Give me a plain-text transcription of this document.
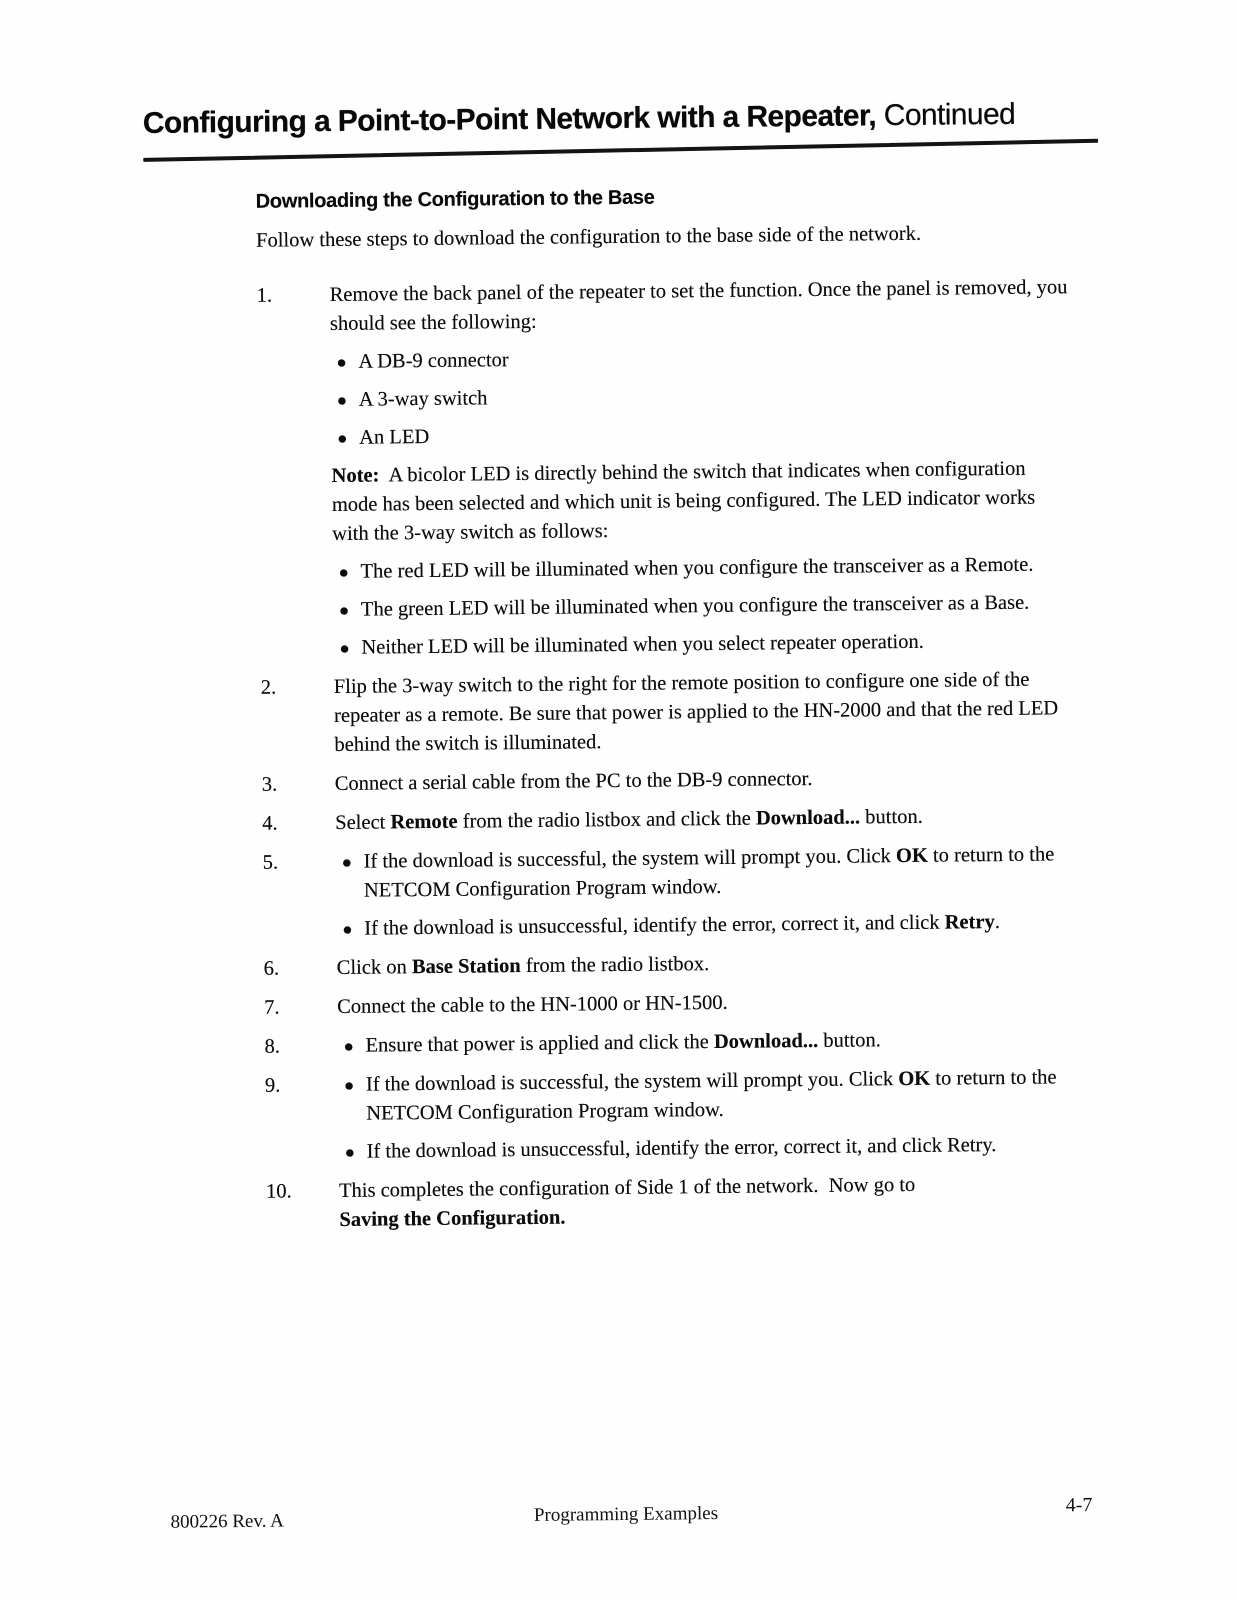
Configuring a Point-to-Point Network with a Repeater, Continued
Downloading the Configuration to the Base

Follow these steps to download the configuration to the base side of the network.

1.	Remove the back panel of the repeater to set the function. Once the panel is removed, you should see the following:

● A DB-9 connector
● A 3-way switch
● An LED

Note:  A bicolor LED is directly behind the switch that indicates when configuration mode has been selected and which unit is being configured. The LED indicator works with the 3-way switch as follows:

● The red LED will be illuminated when you configure the transceiver as a Remote.
● The green LED will be illuminated when you configure the transceiver as a Base.
● Neither LED will be illuminated when you select repeater operation.
2.	Flip the 3-way switch to the right for the remote position to configure one side of the repeater as a remote. Be sure that power is applied to the HN-2000 and that the red LED behind the switch is illuminated.

3.	Connect a serial cable from the PC to the DB-9 connector.

4.	Select Remote from the radio listbox and click the Download... button.

5.	● If the download is successful, the system will prompt you. Click OK to return to the NETCOM Configuration Program window.
● If the download is unsuccessful, identify the error, correct it, and click Retry.
6.	Click on Base Station from the radio listbox.

7.	Connect the cable to the HN-1000 or HN-1500.

8.	● Ensure that power is applied and click the Download... button.
9.	● If the download is successful, the system will prompt you. Click OK to return to the NETCOM Configuration Program window.
● If the download is unsuccessful, identify the error, correct it, and click Retry.
10.	This completes the configuration of Side 1 of the network.  Now go to
Saving the Configuration.

800226 Rev. A	Programming Examples	4-7
